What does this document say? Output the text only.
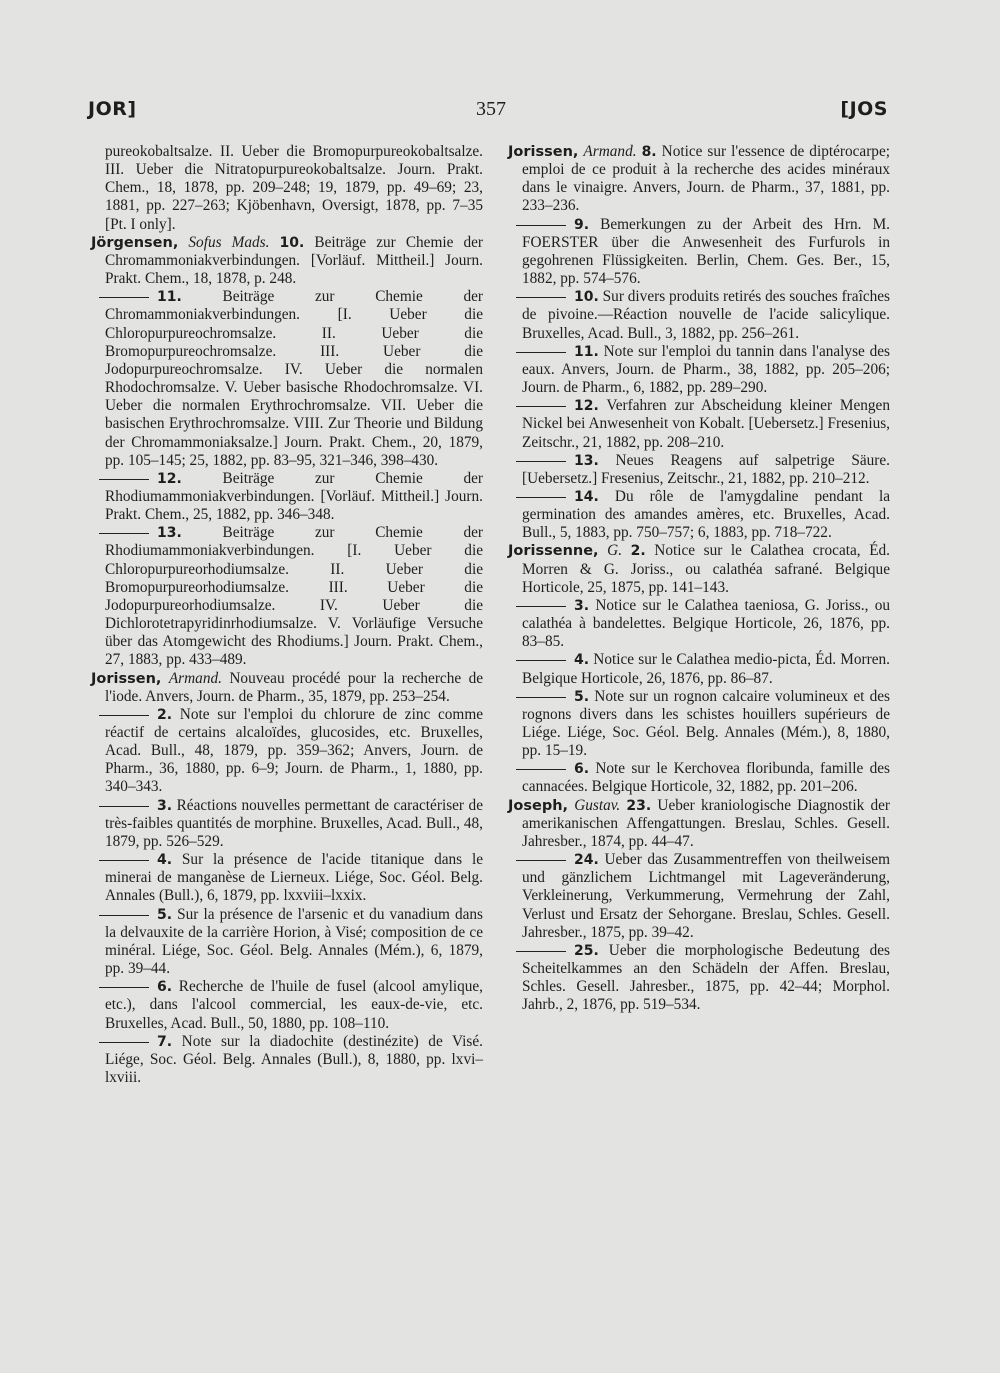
JOR]	357	[JOS

pureokobaltsalze. II. Ueber die Bromopurpureokobaltsalze. III. Ueber die Nitratopurpureokobaltsalze. Journ. Prakt. Chem., 18, 1878, pp. 209–248; 19, 1879, pp. 49–69; 23, 1881, pp. 227–263; Kjöbenhavn, Oversigt, 1878, pp. 7–35 [Pt. I only].

Jörgensen, Sofus Mads. 10. Beiträge zur Chemie der Chromammoniakverbindungen. [Vorläuf. Mittheil.] Journ. Prakt. Chem., 18, 1878, p. 248.

11.	Beiträge zur Chemie der Chromammoniakverbindungen. [I. Ueber die Chloropurpureochromsalze. II. Ueber die Bromopurpureochromsalze. III. Ueber die Jodopurpureochromsalze. IV. Ueber die normalen Rhodochromsalze. V. Ueber basische Rhodochromsalze. VI. Ueber die normalen Erythrochromsalze. VII. Ueber die basischen Erythrochromsalze. VIII. Zur Theorie und Bildung der Chromammoniaksalze.] Journ. Prakt. Chem., 20, 1879, pp. 105–145; 25, 1882, pp. 83–95, 321–346, 398–430.

12.	Beiträge zur Chemie der Rhodiumammoniakverbindungen. [Vorläuf. Mittheil.] Journ. Prakt. Chem., 25, 1882, pp. 346–348.

13.	Beiträge zur Chemie der Rhodiumammoniakverbindungen. [I. Ueber die Chloropurpureorhodiumsalze. II. Ueber die Bromopurpureorhodiumsalze. III. Ueber die Jodopurpureorhodiumsalze. IV. Ueber die Dichlorotetrapyridinrhodiumsalze. V. Vorläufige Versuche über das Atomgewicht des Rhodiums.] Journ. Prakt. Chem., 27, 1883, pp. 433–489.

Jorissen, Armand. Nouveau procédé pour la recherche de l'iode. Anvers, Journ. de Pharm., 35, 1879, pp. 253–254.

2. Note sur l'emploi du chlorure de zinc comme réactif de certains alcaloïdes, glucosides, etc. Bruxelles, Acad. Bull., 48, 1879, pp. 359–362; Anvers, Journ. de Pharm., 36, 1880, pp. 6–9; Journ. de Pharm., 1, 1880, pp. 340–343.

3. Réactions nouvelles permettant de caractériser de très-faibles quantités de morphine. Bruxelles, Acad. Bull., 48, 1879, pp. 526–529.

4. Sur la présence de l'acide titanique dans le minerai de manganèse de Lierneux. Liége, Soc. Géol. Belg. Annales (Bull.), 6, 1879, pp. lxxviii–lxxix.

5. Sur la présence de l'arsenic et du vanadium dans la delvauxite de la carrière Horion, à Visé; composition de ce minéral. Liége, Soc. Géol. Belg. Annales (Mém.), 6, 1879, pp. 39–44.

6. Recherche de l'huile de fusel (alcool amylique, etc.), dans l'alcool commercial, les eaux-de-vie, etc. Bruxelles, Acad. Bull., 50, 1880, pp. 108–110.

7. Note sur la diadochite (destinézite) de Visé. Liége, Soc. Géol. Belg. Annales (Bull.), 8, 1880, pp. lxvi–lxviii.

Jorissen, Armand. 8. Notice sur l'essence de diptérocarpe; emploi de ce produit à la recherche des acides minéraux dans le vinaigre. Anvers, Journ. de Pharm., 37, 1881, pp. 233–236.

9. Bemerkungen zu der Arbeit des Hrn. M. FOERSTER über die Anwesenheit des Furfurols in gegohrenen Flüssigkeiten. Berlin, Chem. Ges. Ber., 15, 1882, pp. 574–576.

10. Sur divers produits retirés des souches fraîches de pivoine.—Réaction nouvelle de l'acide salicylique. Bruxelles, Acad. Bull., 3, 1882, pp. 256–261.

11. Note sur l'emploi du tannin dans l'analyse des eaux. Anvers, Journ. de Pharm., 38, 1882, pp. 205–206; Journ. de Pharm., 6, 1882, pp. 289–290.

12. Verfahren zur Abscheidung kleiner Mengen Nickel bei Anwesenheit von Kobalt. [Uebersetz.] Fresenius, Zeitschr., 21, 1882, pp. 208–210.

13. Neues Reagens auf salpetrige Säure. [Uebersetz.] Fresenius, Zeitschr., 21, 1882, pp. 210–212.

14. Du rôle de l'amygdaline pendant la germination des amandes amères, etc. Bruxelles, Acad. Bull., 5, 1883, pp. 750–757; 6, 1883, pp. 718–722.

Jorissenne, G. 2. Notice sur le Calathea crocata, Éd. Morren & G. Joriss., ou calathéa safrané. Belgique Horticole, 25, 1875, pp. 141–143.

3. Notice sur le Calathea taeniosa, G. Joriss., ou calathéa à bandelettes. Belgique Horticole, 26, 1876, pp. 83–85.

4. Notice sur le Calathea medio-picta, Éd. Morren. Belgique Horticole, 26, 1876, pp. 86–87.

5. Note sur un rognon calcaire volumineux et des rognons divers dans les schistes houillers supérieurs de Liége. Liége, Soc. Géol. Belg. Annales (Mém.), 8, 1880, pp. 15–19.

6. Note sur le Kerchovea floribunda, famille des cannacées. Belgique Horticole, 32, 1882, pp. 201–206.

Joseph, Gustav. 23. Ueber kraniologische Diagnostik der amerikanischen Affengattungen. Breslau, Schles. Gesell. Jahresber., 1874, pp. 44–47.

24. Ueber das Zusammentreffen von theilweisem und gänzlichem Lichtmangel mit Lageveränderung, Verkleinerung, Verkummerung, Vermehrung der Zahl, Verlust und Ersatz der Sehorgane. Breslau, Schles. Gesell. Jahresber., 1875, pp. 39–42.

25. Ueber die morphologische Bedeutung des Scheitelkammes an den Schädeln der Affen. Breslau, Schles. Gesell. Jahresber., 1875, pp. 42–44; Morphol. Jahrb., 2, 1876, pp. 519–534.
